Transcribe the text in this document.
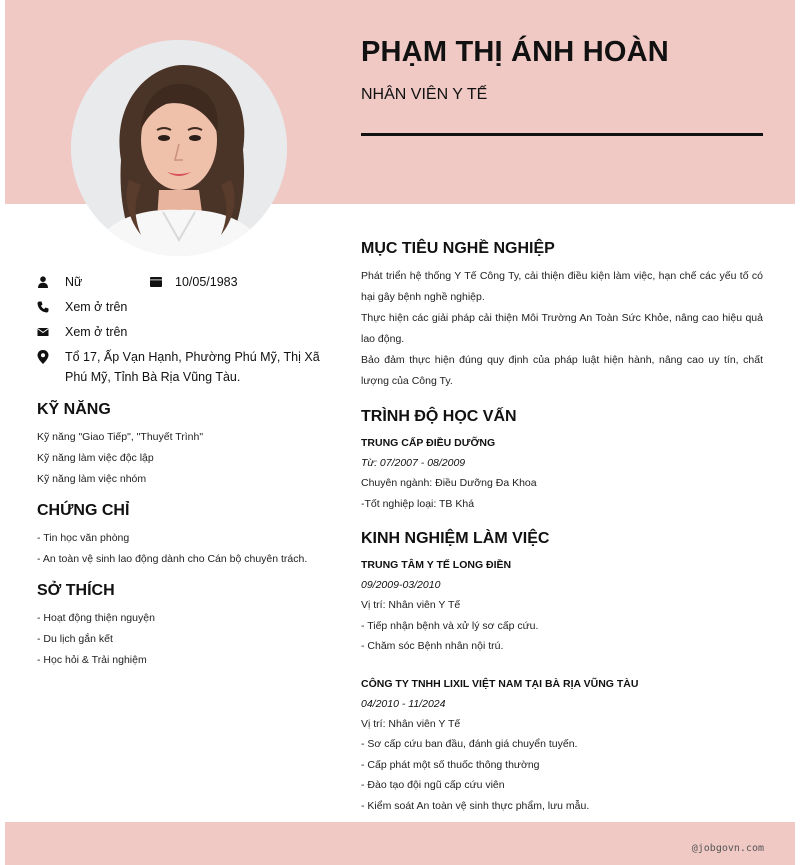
PHẠM THỊ ÁNH HOÀN
NHÂN VIÊN Y TẾ
Nữ	10/05/1983
Xem ở trên
Xem ở trên
Tổ 17, Ấp Vạn Hạnh, Phường Phú Mỹ, Thị Xã Phú Mỹ, Tỉnh Bà Rịa Vũng Tàu.
KỸ NĂNG
Kỹ năng "Giao Tiếp", "Thuyết Trình"
Kỹ năng làm việc độc lập
Kỹ năng làm việc nhóm
CHỨNG CHỈ
- Tin học văn phòng
- An toàn vệ sinh lao động dành cho Cán bộ chuyên trách.
SỞ THÍCH
- Hoạt động thiện nguyện
- Du lịch gắn kết
- Học hỏi & Trải nghiệm
MỤC TIÊU NGHỀ NGHIỆP
Phát triển hệ thống Y Tế Công Ty, cải thiện điều kiện làm việc, hạn chế các yếu tố có hại gây bệnh nghề nghiệp.
Thực hiện các giải pháp cải thiện Môi Trường An Toàn Sức Khỏe, nâng cao hiệu quả lao động.
Bảo đảm thực hiện đúng quy định của pháp luật hiện hành, nâng cao uy tín, chất lượng của Công Ty.
TRÌNH ĐỘ HỌC VẤN
TRUNG CẤP ĐIỀU DƯỠNG
Từ: 07/2007 - 08/2009
Chuyên ngành: Điều Dưỡng Đa Khoa
-Tốt nghiệp loại: TB Khá
KINH NGHIỆM LÀM VIỆC
TRUNG TÂM Y TẾ LONG ĐIỀN
09/2009-03/2010
Vị trí: Nhân viên Y Tế
- Tiếp nhận bệnh và xử lý sơ cấp cứu.
- Chăm sóc Bệnh nhân nội trú.
CÔNG TY TNHH LIXIL VIỆT NAM TẠI BÀ RỊA VŨNG TÀU
04/2010 - 11/2024
Vị trí: Nhân viên Y Tế
- Sơ cấp cứu ban đầu, đánh giá chuyển tuyến.
- Cấp phát một số thuốc thông thường
- Đào tạo đội ngũ cấp cứu viên
- Kiểm soát An toàn vệ sinh thực phẩm, lưu mẫu.
@jobgovn.com
